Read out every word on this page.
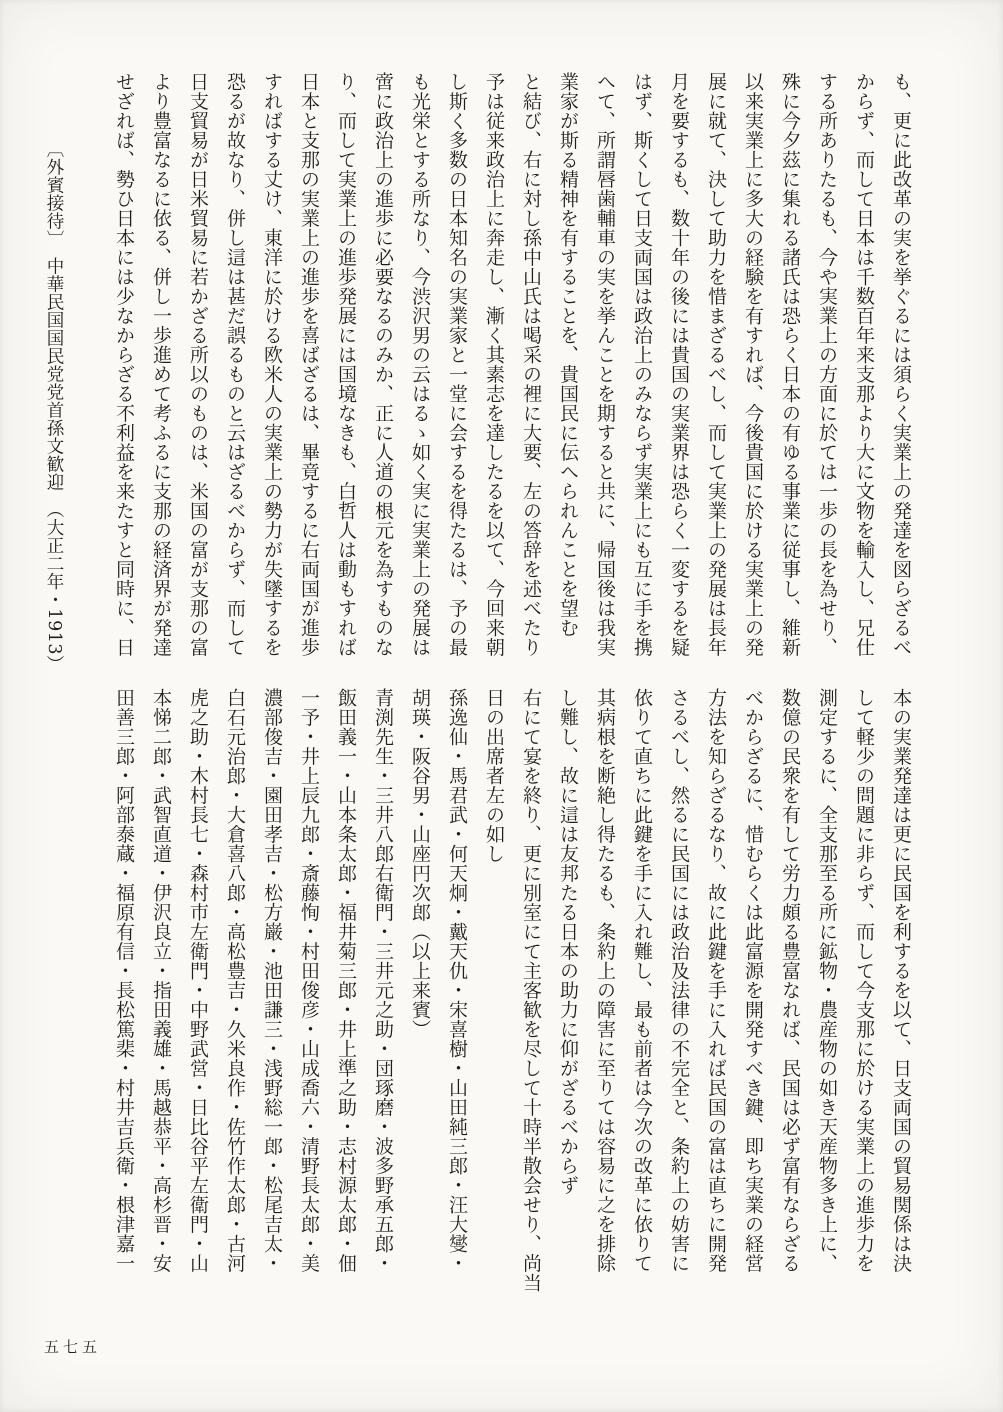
も、更に此改革の実を挙ぐるには須らく実業上の発達を図らざるべ

からず、而して日本は千数百年来支那より大に文物を輸入し、兄仕

する所ありたるも、今や実業上の方面に於ては一歩の長を為せり、

殊に今夕茲に集れる諸氏は恐らく日本の有ゆる事業に従事し、維新

以来実業上に多大の経験を有すれば、今後貴国に於ける実業上の発

展に就て、決して助力を惜まざるべし、而して実業上の発展は長年

月を要するも、数十年の後には貴国の実業界は恐らく一変するを疑

はず、斯くして日支両国は政治上のみならず実業上にも互に手を携

へて、所謂唇歯輔車の実を挙んことを期すると共に、帰国後は我実

業家が斯る精神を有することを、貴国民に伝へられんことを望む

と結び、右に対し孫中山氏は喝采の裡に大要、左の答辞を述べたり

予は従来政治上に奔走し、漸く其素志を達したるを以て、今回来朝

し斯く多数の日本知名の実業家と一堂に会するを得たるは、予の最

も光栄とする所なり、今渋沢男の云はるゝ如く実に実業上の発展は

啻に政治上の進歩に必要なるのみか、正に人道の根元を為すものな

り、而して実業上の進歩発展には国境なきも、白哲人は動もすれば

日本と支那の実業上の進歩を喜ばざるは、畢竟するに右両国が進歩

すればする丈け、東洋に於ける欧米人の実業上の勢力が失墜するを

恐るが故なり、併し這は甚だ誤るものと云はざるべからず、而して

日支貿易が日米貿易に若かざる所以のものは、米国の富が支那の富

より豊富なるに依る、併し一歩進めて考ふるに支那の経済界が発達

せざれば、勢ひ日本には少なからざる不利益を来たすと同時に、日

〔外賓接待〕　中華民国国民党党首孫文歓迎　（大正二年・1913）

本の実業発達は更に民国を利するを以て、日支両国の貿易関係は決

して軽少の問題に非らず、而して今支那に於ける実業上の進歩力を

測定するに、全支那至る所に鉱物・農産物の如き天産物多き上に、

数億の民衆を有して労力頗る豊富なれば、民国は必ず富有ならざる

べからざるに、惜むらくは此富源を開発すべき鍵、即ち実業の経営

方法を知らざるなり、故に此鍵を手に入れば民国の富は直ちに開発

さるべし、然るに民国には政治及法律の不完全と、条約上の妨害に

依りて直ちに此鍵を手に入れ難し、最も前者は今次の改革に依りて

其病根を断絶し得たるも、条約上の障害に至りては容易に之を排除

し難し、故に這は友邦たる日本の助力に仰がざるべからず

右にて宴を終り、更に別室にて主客歓を尽して十時半散会せり、尚当

日の出席者左の如し

孫逸仙・馬君武・何天炯・戴天仇・宋喜樹・山田純三郎・汪大燮・

胡瑛・阪谷男・山座円次郎（以上来賓）

青渕先生・三井八郎右衛門・三井元之助・団琢磨・波多野承五郎・

飯田義一・山本条太郎・福井菊三郎・井上準之助・志村源太郎・佃

一予・井上辰九郎・斎藤恂・村田俊彦・山成喬六・清野長太郎・美

濃部俊吉・園田孝吉・松方巌・池田謙三・浅野総一郎・松尾吉太・

白石元治郎・大倉喜八郎・高松豊吉・久米良作・佐竹作太郎・古河

虎之助・木村長七・森村市左衛門・中野武営・日比谷平左衛門・山

本悌二郎・武智直道・伊沢良立・指田義雄・馬越恭平・高杉晋・安

田善三郎・阿部泰蔵・福原有信・長松篤棐・村井吉兵衛・根津嘉一

五七五
